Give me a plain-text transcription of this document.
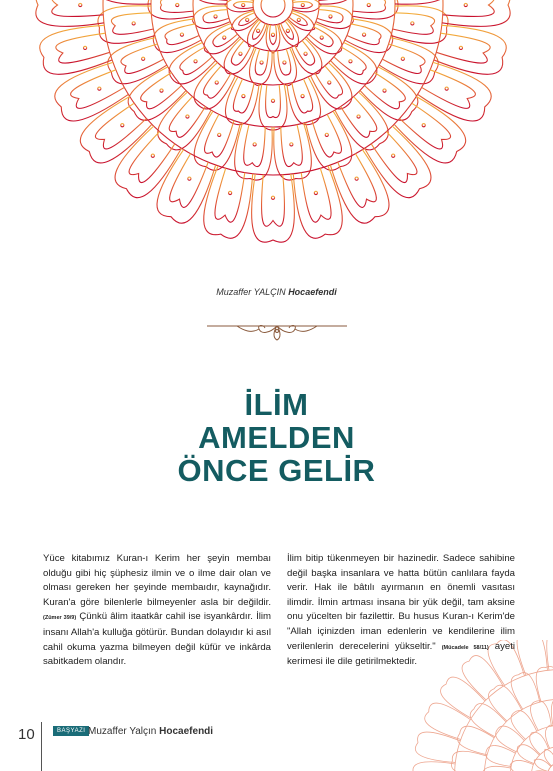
Muzaffer YALÇIN Hocaefendi
İLİM
AMELDEN
ÖNCE GELİR

Yüce kitabımız Kuran-ı Kerim her şeyin membaı olduğu gibi hiç şüphesiz ilmin ve o ilme dair olan ve olması gereken her şeyinde membaıdır, kaynağıdır. Kuran'a göre bilenlerle bilmeyenler asla bir değildir. (Zümer 39/9) Çünkü âlim itaatkâr cahil ise isyankârdır. İlim insanı Allah'a kulluğa götürür. Bundan dolayıdır ki asıl cahil okuma yazma bilmeyen değil küfür ve inkârda sabitkadem olandır.

İlim bitip tükenmeyen bir hazinedir. Sadece sahibine değil başka insanlara ve hatta bütün canlılara fayda verir. Hak ile bâtılı ayırmanın en önemli vasıtası ilimdir. İlmin artması insana bir yük değil, tam aksine onu yücelten bir fazilettir. Bu husus Kuran-ı Kerim'de "Allah içinizden iman edenlerin ve kendilerine ilim verilenlerin derecelerini yükseltir." (Mücadele 58/11) ayeti kerimesi ile dile getirilmektedir.

10	BAŞYAZI Muzaffer Yalçın Hocaefendi
